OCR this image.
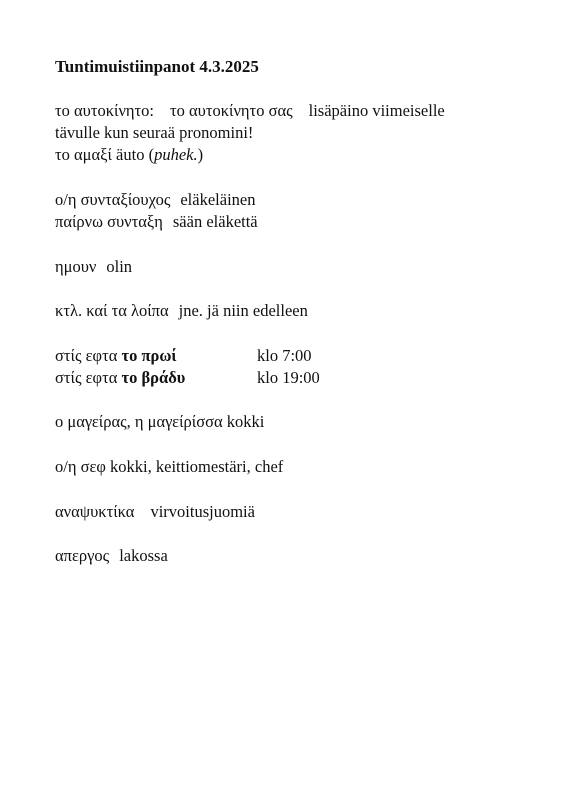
Tuntimuistiinpanot 4.3.2025

το αυτοκίνητο: το αυτοκίνητο σας lisäpäino viimeiselle
tävulle kun seuraä pronomini!
το αμαξί äuto (puhek.)
ο/η συνταξίουχος eläkeläinen
παίρνω συνταξη sään eläkettä
ημουν olin
κτλ. καί τα λοίπα jne. jä niin edelleen
στίς εφτα το πρωί	klo 7:00
στίς εφτα το βράδυ	klo 19:00
ο μαγείρας, η μαγείρίσσα kokki
ο/η σεφ kokki, keittiomestäri, chef
αναψυκτίκα virvoitusjuomiä
απεργος lakossa
